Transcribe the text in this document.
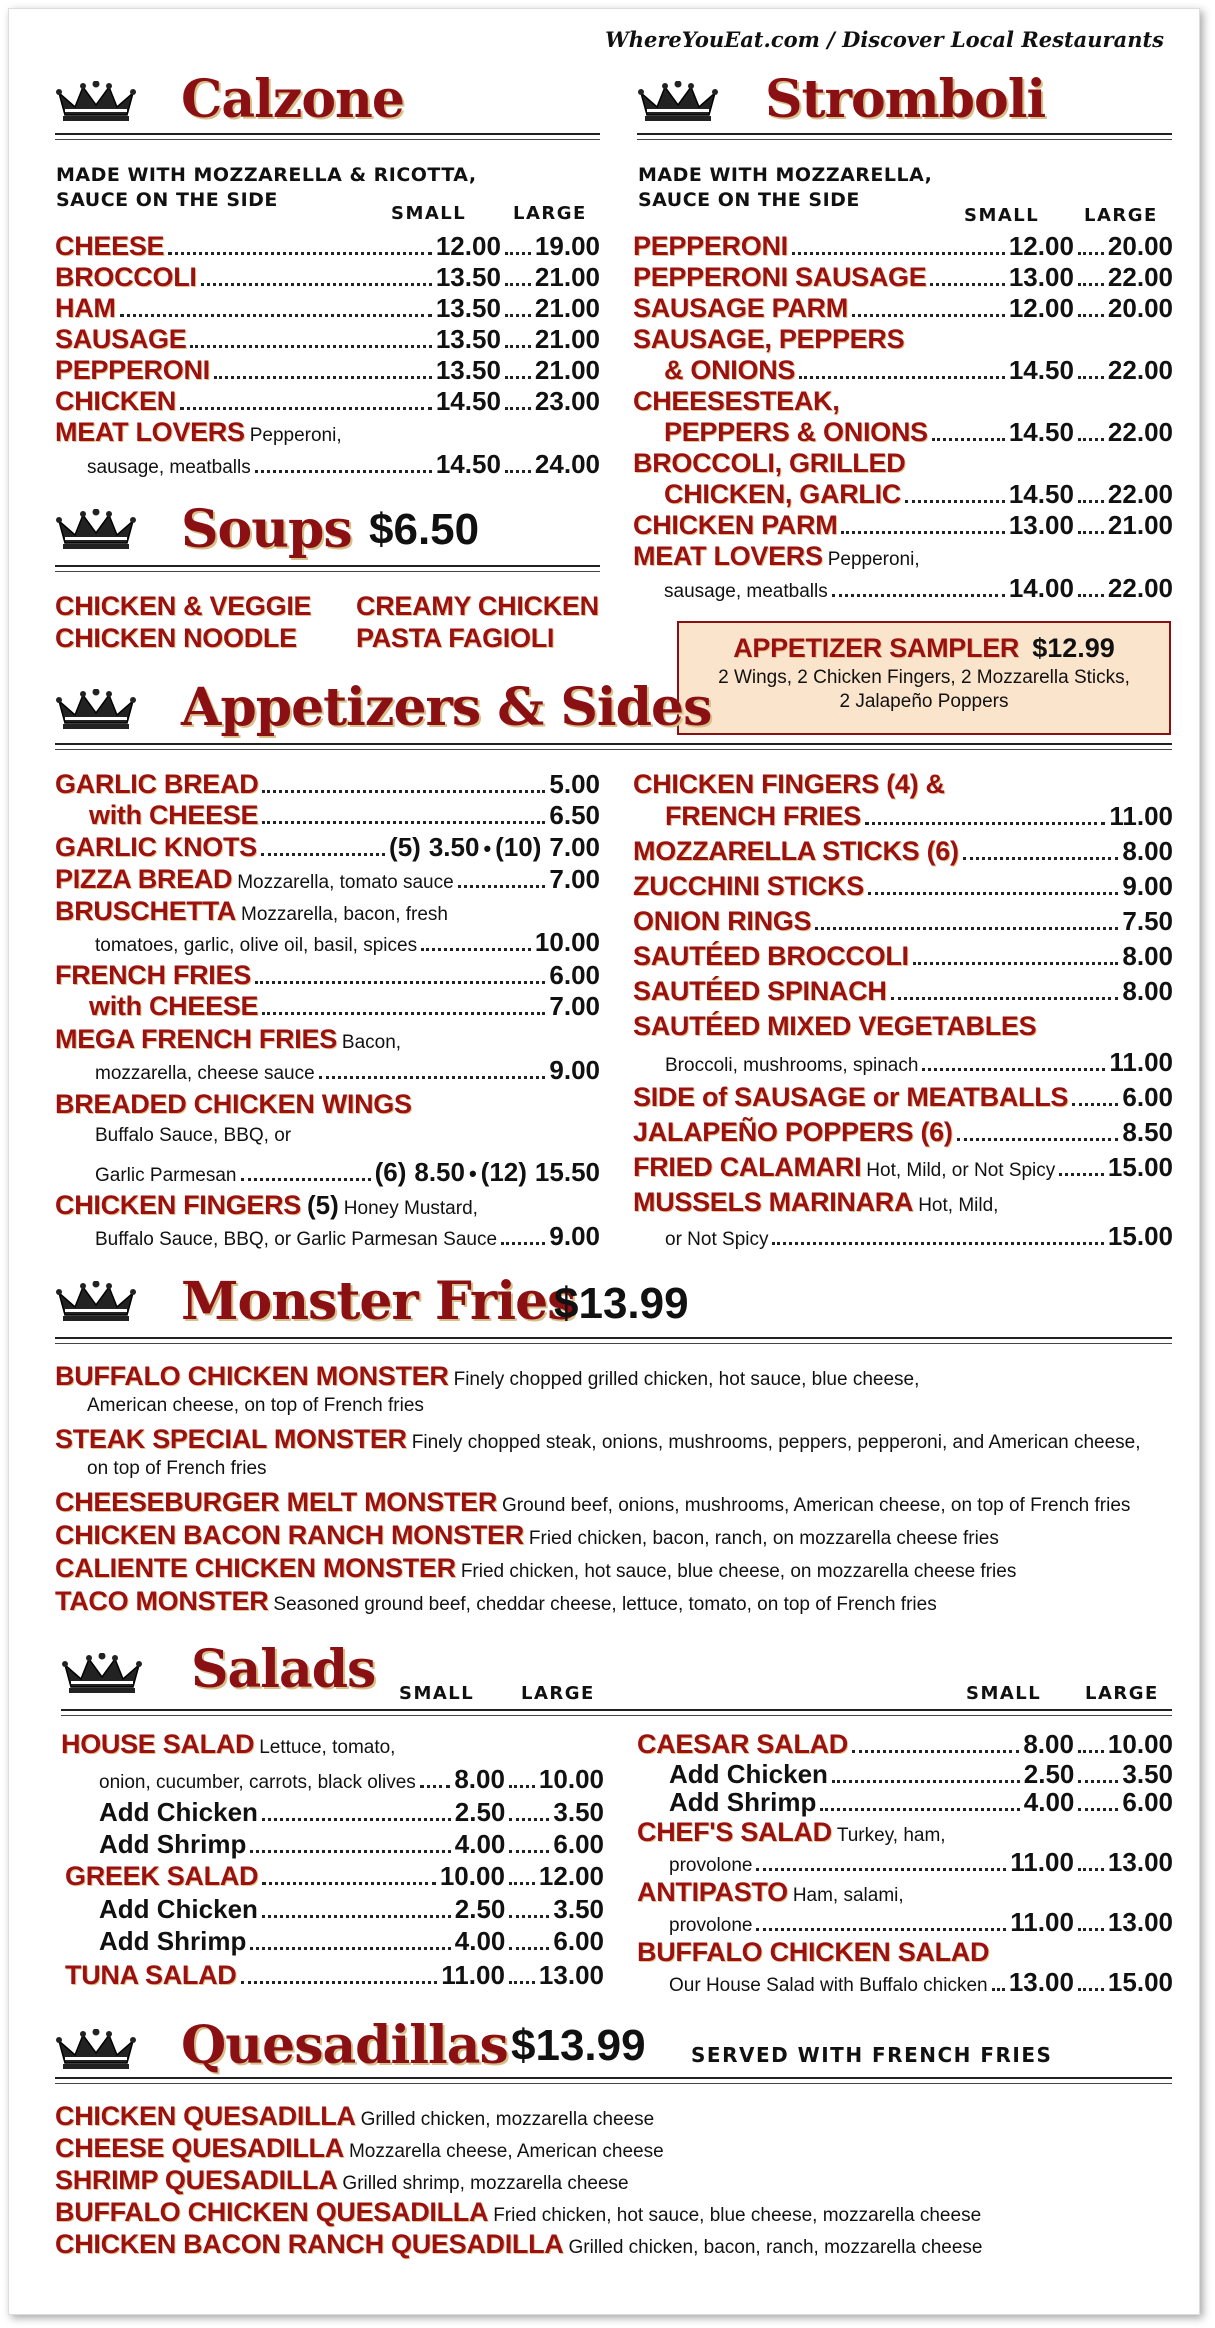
WhereYouEat.com / Discover Local Restaurants
Calzone
MADE WITH MOZZARELLA & RICOTTA,
SAUCE ON THE SIDE
SMALL	LARGE
CHEESE	12.00 19.00
BROCCOLI	13.50 21.00
HAM	13.50 21.00
SAUSAGE	13.50 21.00
PEPPERONI	13.50 21.00
CHICKEN	14.50 23.00
MEAT LOVERS Pepperoni,
sausage, meatballs	14.50 24.00
Stromboli
MADE WITH MOZZARELLA,
SAUCE ON THE SIDE
SMALL LARGE
PEPPERONI	12.00 20.00
PEPPERONI SAUSAGE	13.00 22.00
SAUSAGE PARM	12.00 20.00
SAUSAGE, PEPPERS
& ONIONS	14.50 22.00
CHEESESTEAK,
PEPPERS & ONIONS	14.50 22.00
BROCCOLI, GRILLED
CHICKEN, GARLIC	14.50 22.00
CHICKEN PARM	13.00 21.00
MEAT LOVERS Pepperoni,
sausage, meatballs	14.00 22.00
Soups $6.50
CHICKEN & VEGGIE CREAMY CHICKEN
CHICKEN NOODLE PASTA FAGIOLI	APPETIZER SAMPLER $12.99
2 Wings, 2 Chicken Fingers, 2 Mozzarella Sticks,
2 Jalapeño Poppers
Appetizers & Sides
GARLIC BREAD	5.00
with CHEESE	6.50
GARLIC KNOTS	(5) 3.50 • (10) 7.00
PIZZA BREAD Mozzarella, tomato sauce	7.00
BRUSCHETTA Mozzarella, bacon, fresh
tomatoes, garlic, olive oil, basil, spices	10.00
FRENCH FRIES	6.00
with CHEESE	7.00
MEGA FRENCH FRIES Bacon,
mozzarella, cheese sauce	9.00
BREADED CHICKEN WINGS
Buffalo Sauce, BBQ, or
Garlic Parmesan	(6) 8.50 • (12) 15.50
CHICKEN FINGERS (5) Honey Mustard,
Buffalo Sauce, BBQ, or Garlic Parmesan Sauce 9.00
CHICKEN FINGERS (4) &
FRENCH FRIES	11.00
MOZZARELLA STICKS (6)	8.00
ZUCCHINI STICKS	9.00
ONION RINGS	7.50
SAUTÉED BROCCOLI	8.00
SAUTÉED SPINACH	8.00
SAUTÉED MIXED VEGETABLES
Broccoli, mushrooms, spinach	11.00
SIDE of SAUSAGE or MEATBALLS 6.00
JALAPEÑO POPPERS (6)	8.50
FRIED CALAMARI Hot, Mild, or Not Spicy 15.00
MUSSELS MARINARA Hot, Mild,
or Not Spicy	15.00
Monster Fries
$13.99
BUFFALO CHICKEN MONSTER Finely chopped grilled chicken, hot sauce, blue cheese,
American cheese, on top of French fries
STEAK SPECIAL MONSTER Finely chopped steak, onions, mushrooms, peppers, pepperoni, and American cheese,
on top of French fries
CHEESEBURGER MELT MONSTER Ground beef, onions, mushrooms, American cheese, on top of French fries
CHICKEN BACON RANCH MONSTER Fried chicken, bacon, ranch, on mozzarella cheese fries
CALIENTE CHICKEN MONSTER Fried chicken, hot sauce, blue cheese, on mozzarella cheese fries
TACO MONSTER Seasoned ground beef, cheddar cheese, lettuce, tomato, on top of French fries
Salads SMALL	LARGE	SMALL LARGE
HOUSE SALAD Lettuce, tomato,
onion, cucumber, carrots, black olives 8.00 10.00
Add Chicken	2.50 3.50
Add Shrimp	4.00 6.00
GREEK SALAD	10.00 12.00
Add Chicken	2.50 3.50
Add Shrimp	4.00 6.00
TUNA SALAD	11.00 13.00
CAESAR SALAD	8.00 10.00
Add Chicken	2.50 3.50
Add Shrimp	4.00 6.00
CHEF'S SALAD Turkey, ham,
provolone	11.00 13.00
ANTIPASTO Ham, salami,
provolone	11.00 13.00
BUFFALO CHICKEN SALAD
Our House Salad with Buffalo chicken 13.00 15.00
Quesadillas $13.99 SERVED WITH FRENCH FRIES
CHICKEN QUESADILLA Grilled chicken, mozzarella cheese
CHEESE QUESADILLA Mozzarella cheese, American cheese
SHRIMP QUESADILLA Grilled shrimp, mozzarella cheese
BUFFALO CHICKEN QUESADILLA Fried chicken, hot sauce, blue cheese, mozzarella cheese
CHICKEN BACON RANCH QUESADILLA Grilled chicken, bacon, ranch, mozzarella cheese
